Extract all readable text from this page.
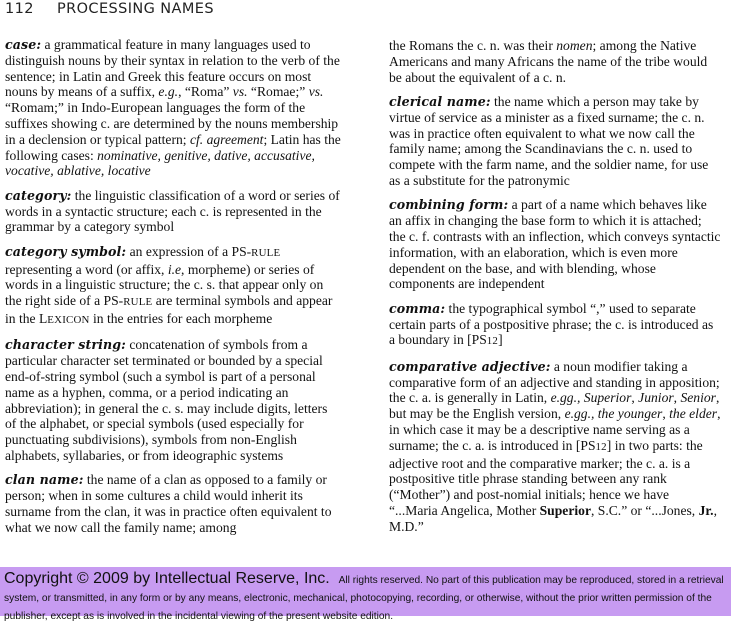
112 PROCESSING NAMES

case: a grammatical feature in many languages used to distinguish nouns by their syntax in relation to the verb of the sentence; in Latin and Greek this feature occurs on most nouns by means of a suffix, e.g., “Roma” vs. “Romae;” vs. “Romam;” in Indo-European languages the form of the suffixes showing c. are determined by the nouns membership in a declension or typical pattern; cf. agreement; Latin has the following cases: nominative, genitive, dative, accusative, vocative, ablative, locative

category: the linguistic classification of a word or series of words in a syntactic structure; each c. is represented in the grammar by a category symbol

category symbol: an expression of a PS-RULE representing a word (or affix, i.e, morpheme) or series of words in a linguistic structure; the c. s. that appear only on the right side of a PS-RULE are terminal symbols and appear in the LEXICON in the entries for each morpheme

character string: concatenation of symbols from a particular character set terminated or bounded by a special end-of-string symbol (such a symbol is part of a personal name as a hyphen, comma, or a period indicating an abbreviation); in general the c. s. may include digits, letters of the alphabet, or special symbols (used especially for punctuating subdivisions), symbols from non-English alphabets, syllabaries, or from ideographic systems

clan name: the name of a clan as opposed to a family or person; when in some cultures a child would inherit its surname from the clan, it was in practice often equivalent to what we now call the family name; among

the Romans the c. n. was their nomen; among the Native Americans and many Africans the name of the tribe would be about the equivalent of a c. n.

clerical name: the name which a person may take by virtue of service as a minister as a fixed surname; the c. n. was in practice often equivalent to what we now call the family name; among the Scandinavians the c. n. used to compete with the farm name, and the soldier name, for use as a substitute for the patronymic

combining form: a part of a name which behaves like an affix in changing the base form to which it is attached; the c. f. contrasts with an inflection, which conveys syntactic information, with an elaboration, which is even more dependent on the base, and with blending, whose components are independent

comma: the typographical symbol “,” used to separate certain parts of a postpositive phrase; the c. is introduced as a boundary in [PS12]

comparative adjective: a noun modifier taking a comparative form of an adjective and standing in apposition; the c. a. is generally in Latin, e.gg., Superior, Junior, Senior, but may be the English version, e.gg., the younger, the elder, in which case it may be a descriptive name serving as a surname; the c. a. is introduced in [PS12] in two parts: the adjective root and the comparative marker; the c. a. is a postpositive title phrase standing between any rank (“Mother”) and post-nomial initials; hence we have “...Maria Angelica, Mother Superior, S.C.” or “...Jones, Jr., M.D.”

Copyright © 2009 by Intellectual Reserve, Inc. All rights reserved. No part of this publication may be reproduced, stored in a retrieval system, or transmitted, in any form or by any means, electronic, mechanical, photocopying, recording, or otherwise, without the prior written permission of the publisher, except as is involved in the incidental viewing of the present website edition.
